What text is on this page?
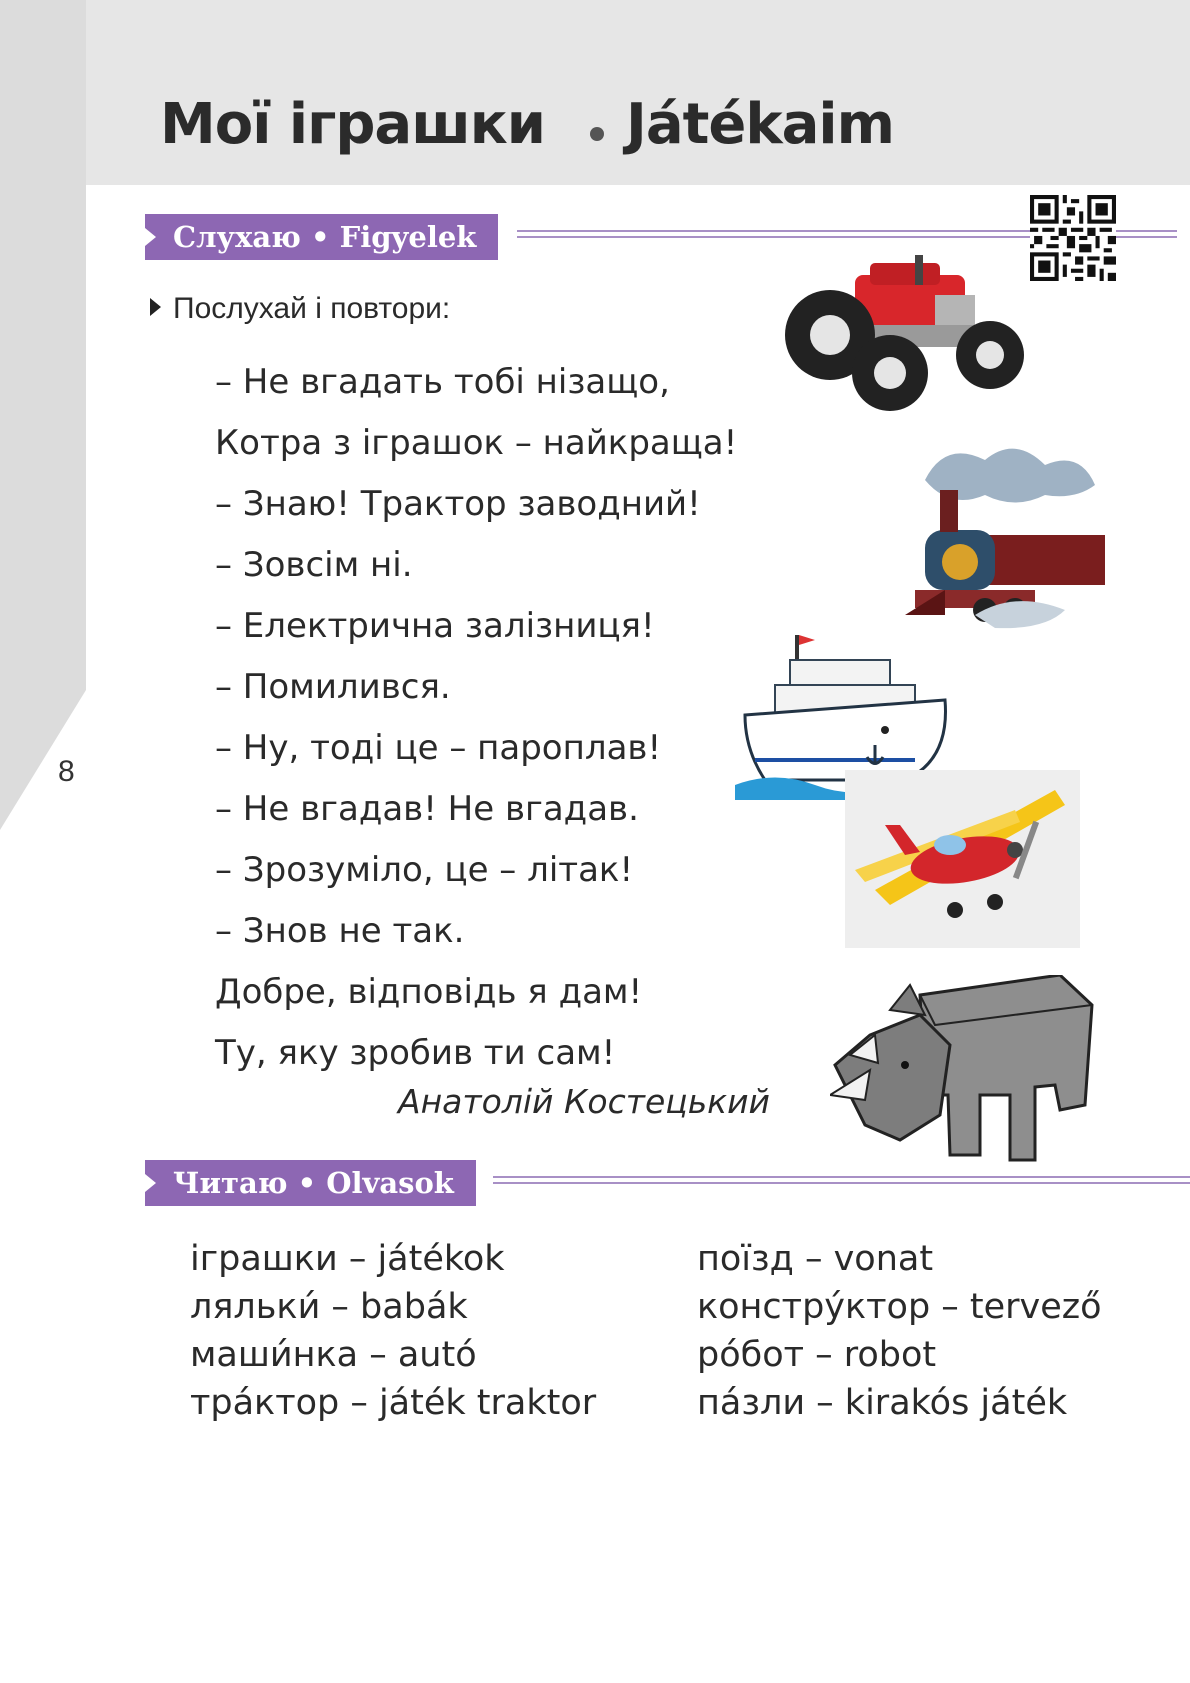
8
Мої іграшки Játékaim
Слухаю • Figyelek
Послухай і повтори:
– Не вгадать тобі нізащо,
Котра з іграшок – найкраща!
– Знаю! Трактор заводний!
– Зовсім ні.
– Електрична залізниця!
– Помилився.
– Ну, тоді це – пароплав!
– Не вгадав! Не вгадав.
– Зрозуміло, це – літак!
– Знов не так.
Добре, відповідь я дам!
Ту, яку зробив ти сам!
Анатолій Костецький
Читаю • Olvasok
іграшки – játékok
ляльки́ – babák
маши́нка – autó
тра́ктор – játék traktor
поїзд – vonat
констру́ктор – tervező
ро́бот – robot
па́зли – kirakós játék
